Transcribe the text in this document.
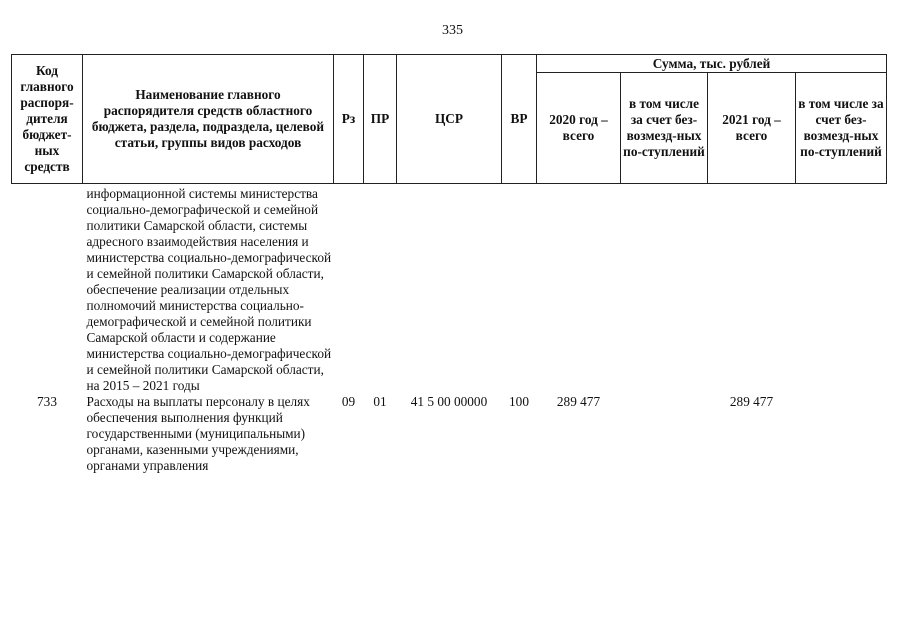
335
Код главного распоря-дителя бюджет-ных средств	Наименование главного распорядителя средств областного бюджета, раздела, подраздела, целевой статьи, группы видов расходов	Рз	ПР	ЦСР	ВР	Сумма, тыс. рублей			
						2020 год – всего	в том числе за счет без-возмезд-ных по-ступлений	2021 год – всего	в том числе за счет без-возмезд-ных по-ступлений
	информационной системы министерства социально-демографической и семейной политики Самарской области, системы адресного взаимодействия населения и министерства социально-демографической и семейной политики Самарской области, обеспечение реализации отдельных полномочий министерства социально-демографической и семейной политики Самарской области и содержание министерства социально-демографической и семейной политики Самарской области, на 2015 – 2021 годы								
733	Расходы на выплаты персоналу в целях обеспечения выполнения функций государственными (муниципальными) органами, казенными учреждениями, органами управления	09	01	41 5 00 00000	100	289 477		289 477	
